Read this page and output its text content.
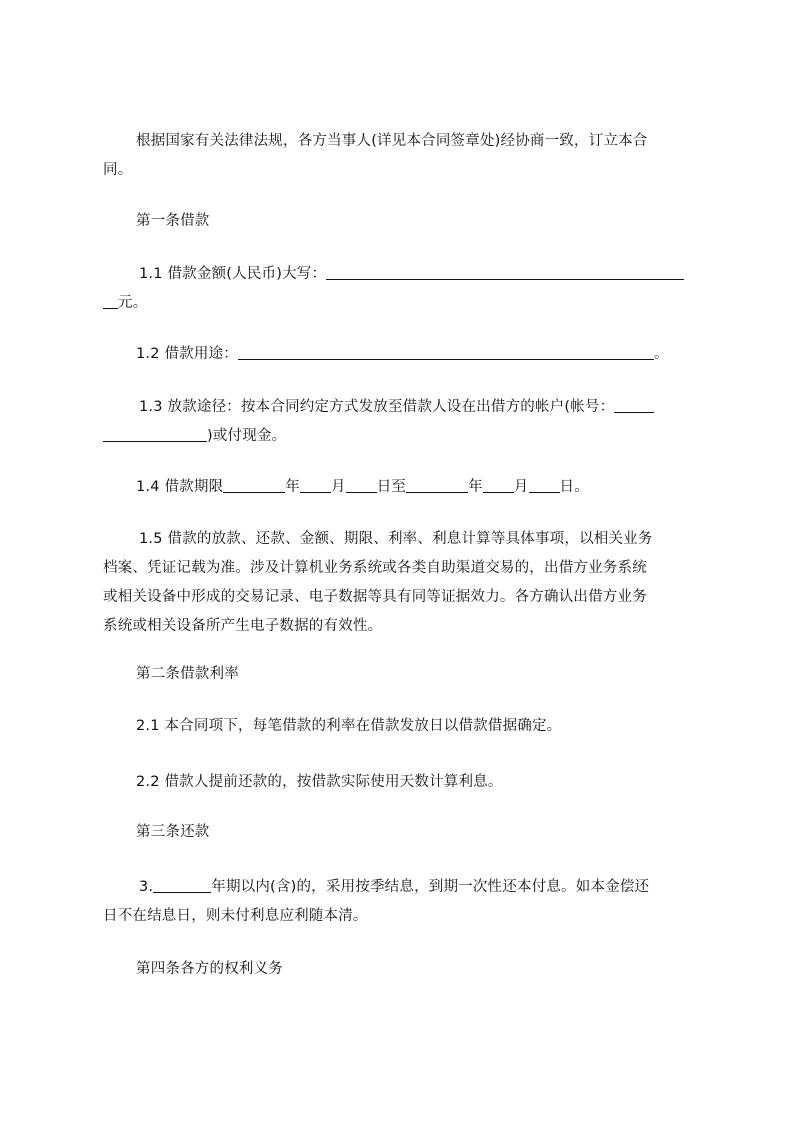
根据国家有关法律法规，各方当事人(详见本合同签章处)经协商一致，订立本合

同。

第一条借款

1.1 借款金额(人民币)大写：

元。

1.2 借款用途：	。

1.3 放款途径：按本合同约定方式发放至借款人设在出借方的帐户(帐号：

)或付现金。

1.4 借款期限	年 月 日至	年 月 日。

1.5 借款的放款、还款、金额、期限、利率、利息计算等具体事项，以相关业务

档案、凭证记载为准。涉及计算机业务系统或各类自助渠道交易的，出借方业务系统

或相关设备中形成的交易记录、电子数据等具有同等证据效力。各方确认出借方业务

系统或相关设备所产生电子数据的有效性。

第二条借款利率

2.1 本合同项下，每笔借款的利率在借款发放日以借款借据确定。

2.2 借款人提前还款的，按借款实际使用天数计算利息。

第三条还款

3.	年期以内(含)的，采用按季结息，到期一次性还本付息。如本金偿还

日不在结息日，则未付利息应利随本清。

第四条各方的权利义务
